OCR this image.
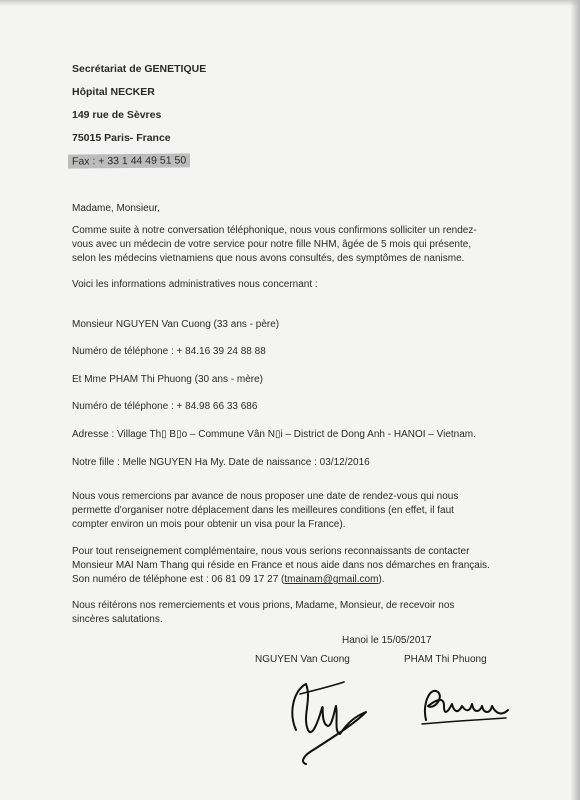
Secrétariat de GENETIQUE
Hôpital NECKER
149 rue de Sèvres
75015 Paris- France
Fax : + 33 1 44 49 51 50
Madame, Monsieur,
Comme suite à notre conversation téléphonique, nous vous confirmons solliciter un rendez-
vous avec un médecin de votre service pour notre fille NHM, âgée de 5 mois qui présente,
selon les médecins vietnamiens que nous avons consultés, des symptômes de nanisme.
Voici les informations administratives nous concernant :
Monsieur NGUYEN Van Cuong (33 ans - père)
Numéro de téléphone : + 84.16 39 24 88 88
Et Mme PHAM Thi Phuong (30 ans - mère)
Numéro de téléphone : + 84.98 66 33 686
Adresse : Village Th▯ B▯o – Commune Vân N▯i – District de Dong Anh - HANOI – Vietnam.
Notre fille : Melle NGUYEN Ha My. Date de naissance : 03/12/2016
Nous vous remercions par avance de nous proposer une date de rendez-vous qui nous
permette d'organiser notre déplacement dans les meilleures conditions (en effet, il faut
compter environ un mois pour obtenir un visa pour la France).
Pour tout renseignement complémentaire, nous vous serions reconnaissants de contacter
Monsieur MAI Nam Thang qui réside en France et nous aide dans nos démarches en français.
Son numéro de téléphone est : 06 81 09 17 27 (tmainam@gmail.com).
Nous réitérons nos remerciements et vous prions, Madame, Monsieur, de recevoir nos
sincères salutations.
Hanoi le 15/05/2017
NGUYEN Van Cuong	PHAM Thi Phuong
